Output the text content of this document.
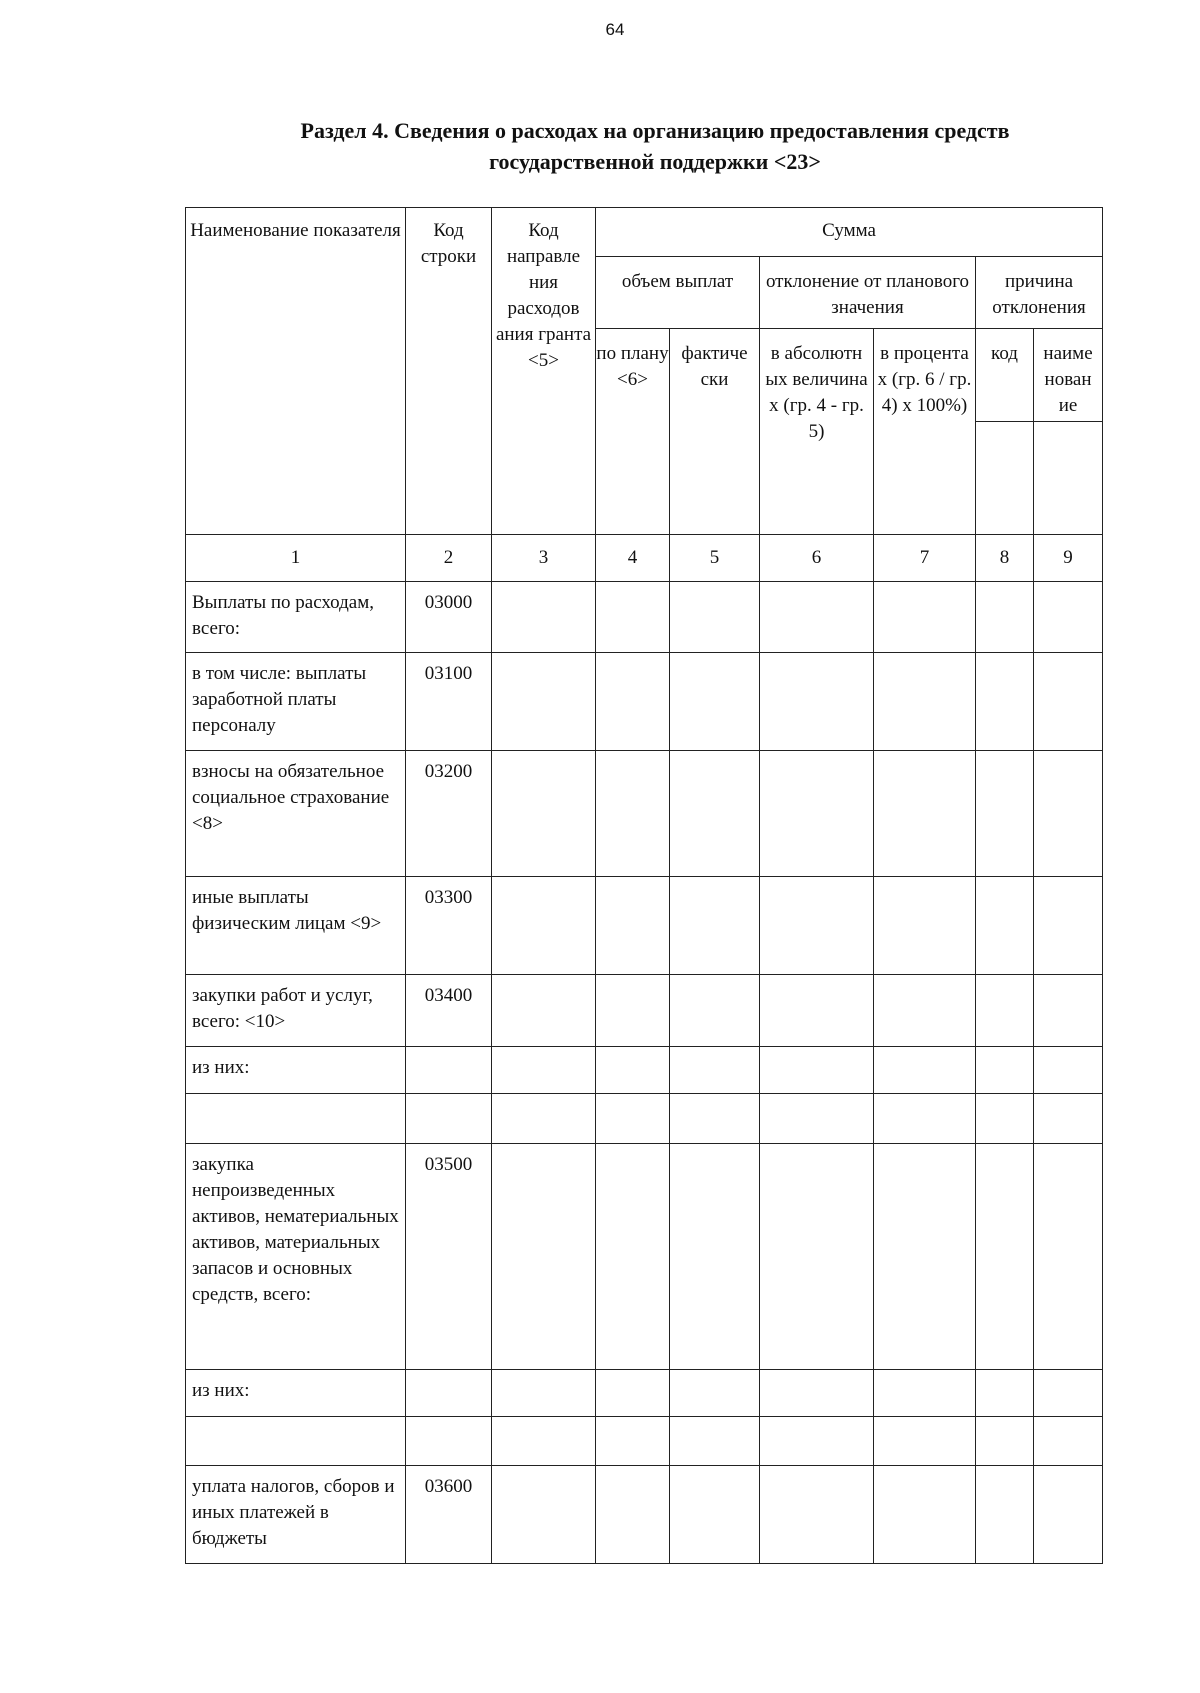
64
Раздел 4. Сведения о расходах на организацию предоставления средств
государственной поддержки <23>
Наименование показателя	Код строки	Код направле ния расходов ания гранта <5>	Сумма					
			объем выплат		отклонение от планового значения		причина отклонения	
			по плану <6>	фактиче ски	в абсолютн ых величина х (гр. 4 - гр. 5)	в процента х (гр. 6 / гр. 4) х 100%)	код	наиме нован ие

1	2	3	4	5	6	7	8	9
Выплаты по расходам, всего:	03000							
в том числе: выплаты заработной платы персоналу	03100							
взносы на обязательное социальное страхование <8>	03200							
иные выплаты физическим лицам <9>	03300							
закупки работ и услуг, всего: <10>	03400							
из них:								

закупка непроизведенных активов, нематериальных активов, материальных запасов и основных средств, всего:	03500							
из них:								

уплата налогов, сборов и иных платежей в бюджеты	03600							
